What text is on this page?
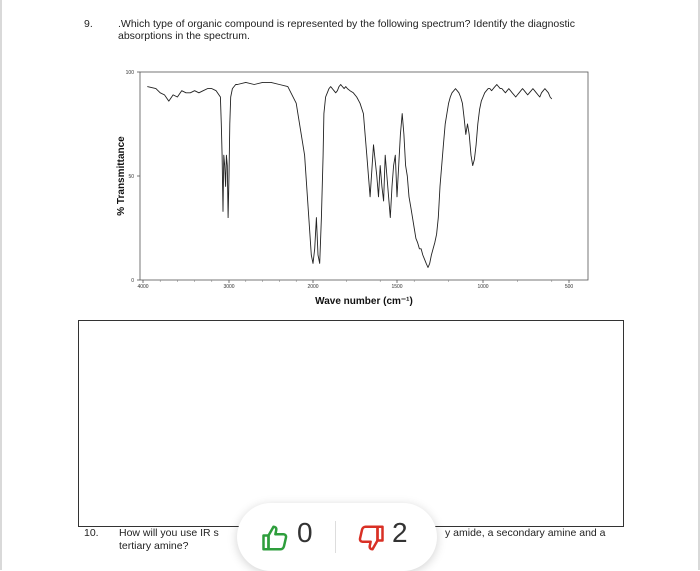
9. .Which type of organic compound is represented by the following spectrum? Identify the diagnostic absorptions in the spectrum.
100
50
0
4000	3000	2000	1500	1000	500
Wave number (cm⁻¹)
% Transmittance
10. How will you use IR s	y amide, a secondary amine and a
tertiary amine?	0	2
